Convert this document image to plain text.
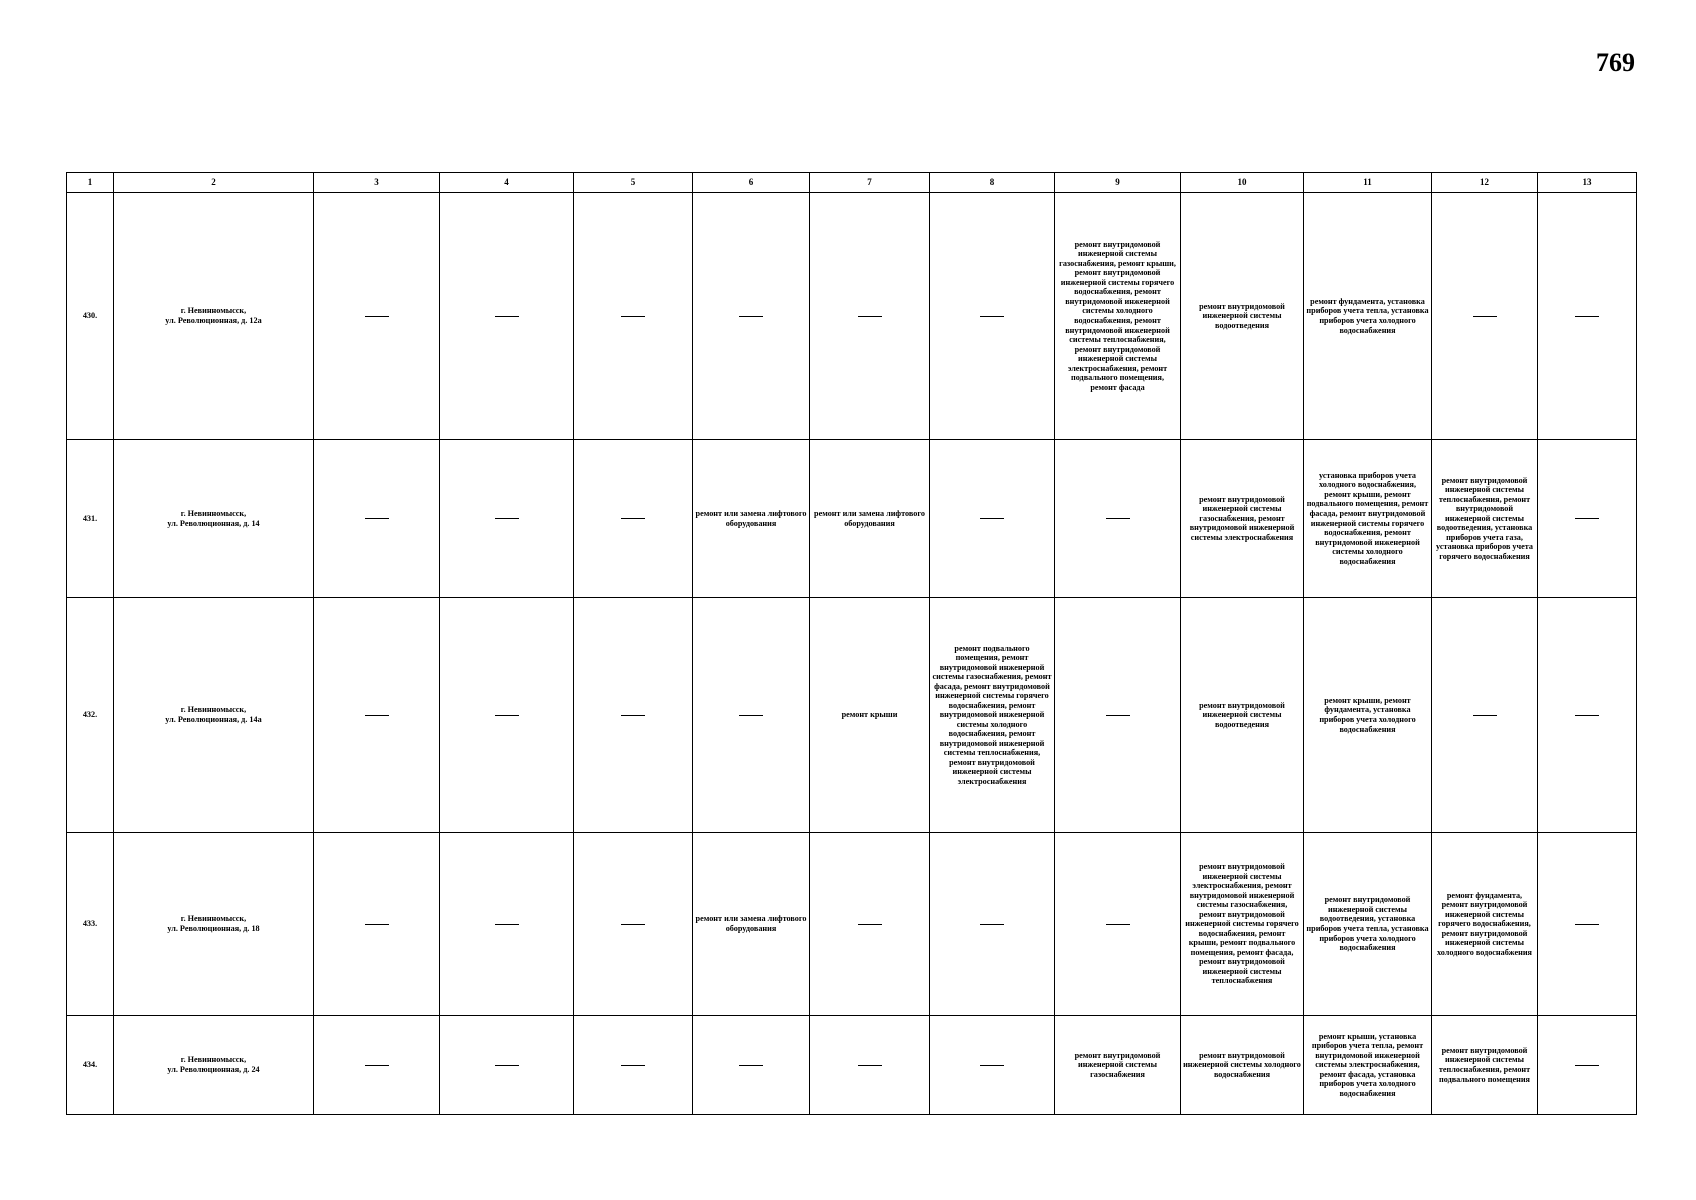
769
1	2	3	4	5	6	7	8	9	10	11	12	13
430.	г. Невинномысск,
ул. Революционная, д. 12а							ремонт внутридомовой инженерной системы газоснабжения, ремонт крыши, ремонт внутридомовой инженерной системы горячего водоснабжения, ремонт внутридомовой инженерной системы холодного водоснабжения, ремонт внутридомовой инженерной системы теплоснабжения, ремонт внутридомовой инженерной системы электроснабжения, ремонт подвального помещения, ремонт фасада	ремонт внутридомовой инженерной системы водоотведения	ремонт фундамента, установка приборов учета тепла, установка приборов учета холодного водоснабжения		
431.	г. Невинномысск,
ул. Революционная, д. 14				ремонт или замена лифтового оборудования	ремонт или замена лифтового оборудования			ремонт внутридомовой инженерной системы газоснабжения, ремонт внутридомовой инженерной системы электроснабжения	установка приборов учета холодного водоснабжения, ремонт крыши, ремонт подвального помещения, ремонт фасада, ремонт внутридомовой инженерной системы горячего водоснабжения, ремонт внутридомовой инженерной системы холодного водоснабжения	ремонт внутридомовой инженерной системы теплоснабжения, ремонт внутридомовой инженерной системы водоотведения, установка приборов учета газа, установка приборов учета горячего водоснабжения	
432.	г. Невинномысск,
ул. Революционная, д. 14а					ремонт крыши	ремонт подвального помещения, ремонт внутридомовой инженерной системы газоснабжения, ремонт фасада, ремонт внутридомовой инженерной системы горячего водоснабжения, ремонт внутридомовой инженерной системы холодного водоснабжения, ремонт внутридомовой инженерной системы теплоснабжения, ремонт внутридомовой инженерной системы электроснабжения		ремонт внутридомовой инженерной системы водоотведения	ремонт крыши, ремонт фундамента, установка приборов учета холодного водоснабжения		
433.	г. Невинномысск,
ул. Революционная, д. 18				ремонт или замена лифтового оборудования				ремонт внутридомовой инженерной системы электроснабжения, ремонт внутридомовой инженерной системы газоснабжения, ремонт внутридомовой инженерной системы горячего водоснабжения, ремонт крыши, ремонт подвального помещения, ремонт фасада, ремонт внутридомовой инженерной системы теплоснабжения	ремонт внутридомовой инженерной системы водоотведения, установка приборов учета тепла, установка приборов учета холодного водоснабжения	ремонт фундамента, ремонт внутридомовой инженерной системы горячего водоснабжения, ремонт внутридомовой инженерной системы холодного водоснабжения	
434.	г. Невинномысск,
ул. Революционная, д. 24							ремонт внутридомовой инженерной системы газоснабжения	ремонт внутридомовой инженерной системы холодного водоснабжения	ремонт крыши, установка приборов учета тепла, ремонт внутридомовой инженерной системы электроснабжения, ремонт фасада, установка приборов учета холодного водоснабжения	ремонт внутридомовой инженерной системы теплоснабжения, ремонт подвального помещения	
